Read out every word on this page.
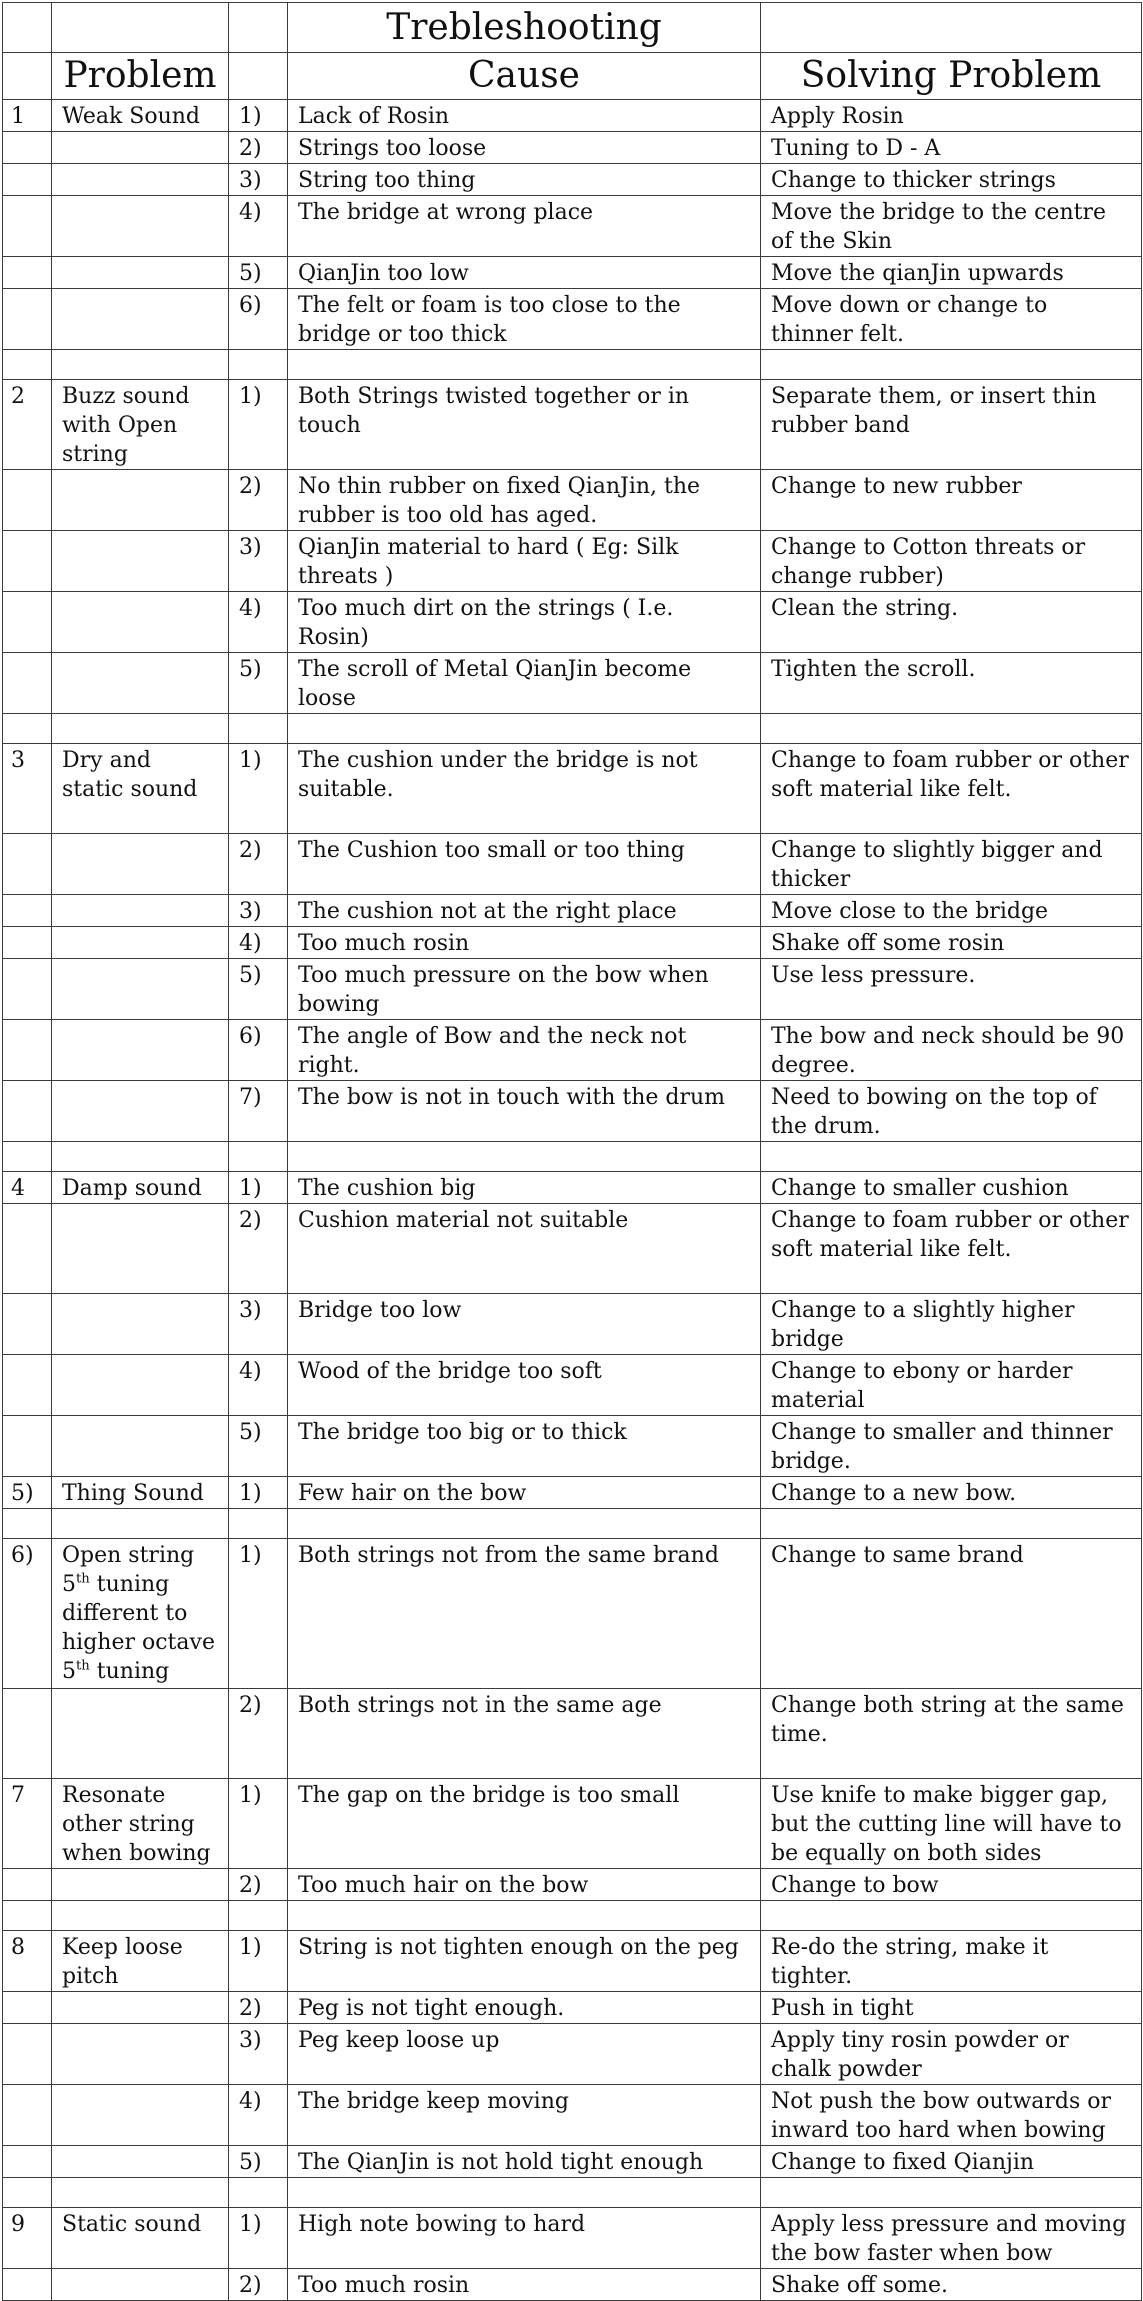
			Trebleshooting	
	Problem		Cause	Solving Problem
1	Weak Sound	1)	Lack of Rosin	Apply Rosin
		2)	Strings too loose	Tuning to D - A
		3)	String too thing	Change to thicker strings
		4)	The bridge at wrong place	Move the bridge to the centre of the Skin
		5)	QianJin too low	Move the qianJin upwards
		6)	The felt or foam is too close to the bridge or too thick	Move down or change to thinner felt.

2	Buzz sound with Open string	1)	Both Strings twisted together or in touch	Separate them, or insert thin rubber band
		2)	No thin rubber on fixed QianJin, the rubber is too old has aged.	Change to new rubber
		3)	QianJin material to hard ( Eg: Silk threats )	Change to Cotton threats or change rubber)
		4)	Too much dirt on the strings ( I.e. Rosin)	Clean the string.
		5)	The scroll of Metal QianJin become loose	Tighten the scroll.

3	Dry and static sound	1)	The cushion under the bridge is not suitable.	Change to foam rubber or other soft material like felt.
		2)	The Cushion too small or too thing	Change to slightly bigger and thicker
		3)	The cushion not at the right place	Move close to the bridge
		4)	Too much rosin	Shake off some rosin
		5)	Too much pressure on the bow when bowing	Use less pressure.
		6)	The angle of Bow and the neck not right.	The bow and neck should be 90 degree.
		7)	The bow is not in touch with the drum	Need to bowing on the top of the drum.

4	Damp sound	1)	The cushion big	Change to smaller cushion
		2)	Cushion material not suitable	Change to foam rubber or other soft material like felt.
		3)	Bridge too low	Change to a slightly higher bridge
		4)	Wood of the bridge too soft	Change to ebony or harder material
		5)	The bridge too big or to thick	Change to smaller and thinner bridge.
5)	Thing Sound	1)	Few hair on the bow	Change to a new bow.

6)	Open string 5th tuning different to higher octave 5th tuning	1)	Both strings not from the same brand	Change to same brand
		2)	Both strings not in the same age	Change both string at the same time.
7	Resonate other string when bowing	1)	The gap on the bridge is too small	Use knife to make bigger gap, but the cutting line will have to be equally on both sides
		2)	Too much hair on the bow	Change to bow

8	Keep loose pitch	1)	String is not tighten enough on the peg	Re-do the string, make it tighter.
		2)	Peg is not tight enough.	Push in tight
		3)	Peg keep loose up	Apply tiny rosin powder or chalk powder
		4)	The bridge keep moving	Not push the bow outwards or inward too hard when bowing
		5)	The QianJin is not hold tight enough	Change to fixed Qianjin

9	Static sound	1)	High note bowing to hard	Apply less pressure and moving the bow faster when bow
		2)	Too much rosin	Shake off some.
